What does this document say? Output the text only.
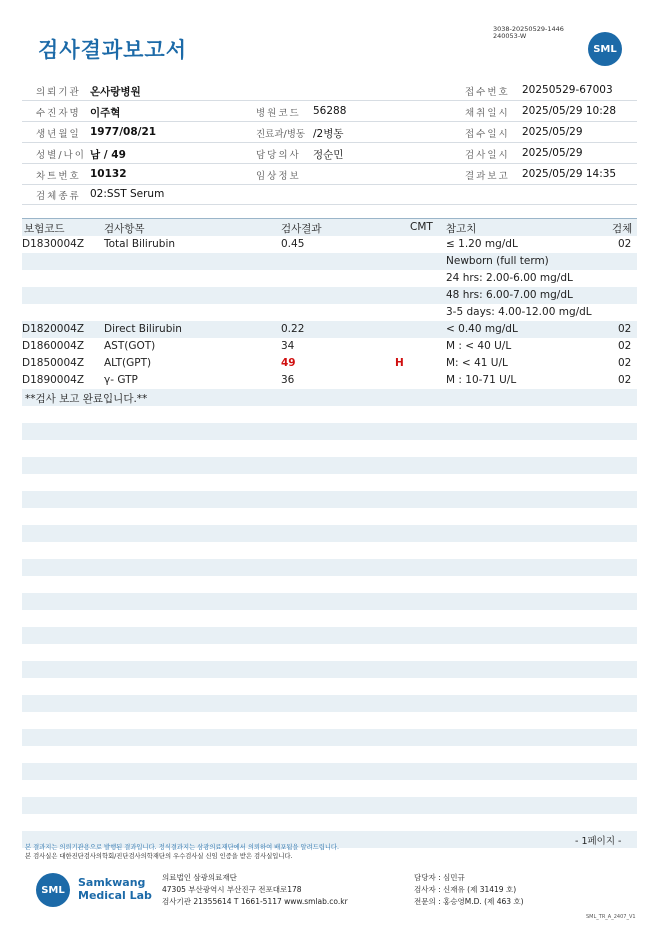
검사결과보고서
3038-20250529-1446
240053-W
SML
의뢰기관 온사랑병원	접수번호 20250529-67003
수진자명 이주혁	병원코드 56288	채취일시 2025/05/29 10:28
생년월일 1977/08/21	진료과/병동 /2병동	접수일시 2025/05/29
성별/나이 남 / 49	담당의사 정순민	검사일시 2025/05/29
차트번호 10132	임상정보	결과보고 2025/05/29 14:35
검체종류 02:SST Serum
보험코드	검사항목	검사결과	CMT 참고치	검체
D1830004Z Total Bilirubin	0.45	≤ 1.20 mg/dL	02
Newborn (full term)
24 hrs: 2.00-6.00 mg/dL
48 hrs: 6.00-7.00 mg/dL
3-5 days: 4.00-12.00 mg/dL
D1820004Z Direct Bilirubin	0.22	< 0.40 mg/dL	02
D1860004Z AST(GOT)	34	M : < 40 U/L	02
D1850004Z ALT(GPT)	49	H	M: < 41 U/L	02
D1890004Z γ- GTP	36	M : 10-71 U/L	02
**검사 보고 완료입니다.**
본 결과지는 의뢰기관용으로 발행된 결과입니다. 정식결과지는 삼광의료재단에서 의뢰하여 배포됨을 알려드립니다.
본 검사실은 대한진단검사의학회/진단검사의학재단의 우수검사실 신임 인증을 받은 검사실입니다.
- 1페이지 -
SML
Samkwang
Medical Lab
의료법인 삼광의료재단
47305 부산광역시 부산진구 전포대로178
검사기관 21355614 T 1661-5117 www.smlab.co.kr
담당자 : 심민규
검사자 : 신재유 (제 31419 호)
전문의 : 홍승영M.D. (제 463 호)
SML_TR_A_2407_V1
